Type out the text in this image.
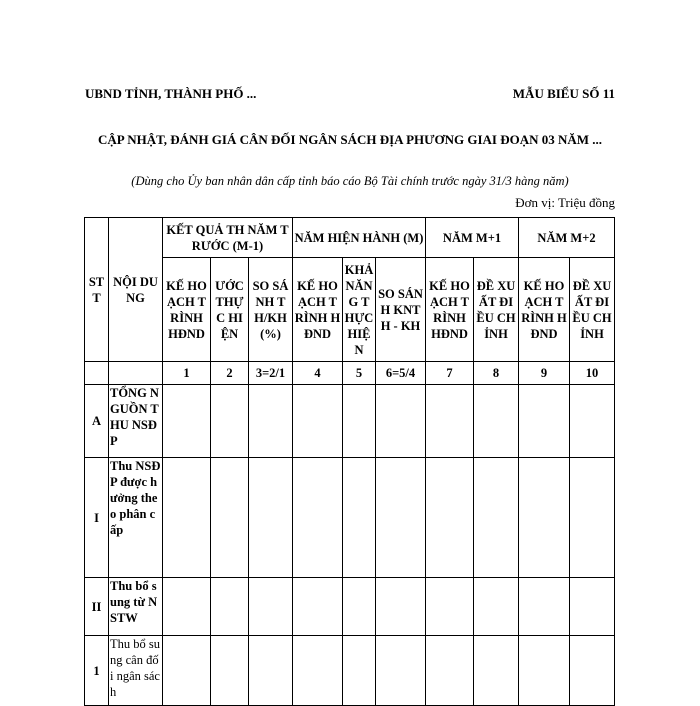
UBND TỈNH, THÀNH PHỐ ...	MẪU BIỂU SỐ 11
CẬP NHẬT, ĐÁNH GIÁ CÂN ĐỐI NGÂN SÁCH ĐỊA PHƯƠNG GIAI ĐOẠN 03 NĂM ...
(Dùng cho Ủy ban nhân dân cấp tỉnh báo cáo Bộ Tài chính trước ngày 31/3 hàng năm)
Đơn vị: Triệu đồng
STT	NỘI DUNG	KẾT QUẢ TH NĂM TRƯỚC (M-1)			NĂM HIỆN HÀNH (M)			NĂM M+1		NĂM M+2	
		KẾ HOẠCH TRÌNH HĐND	ƯỚC THỰC HIỆN	SO SÁNH TH/KH (%)	KẾ HOẠCH TRÌNH HĐND	KHẢ NĂNG THỰC HIỆN	SO SÁNH KNTH - KH	KẾ HOẠCH TRÌNH HĐND	ĐỀ XUẤT ĐIỀU CHỈNH	KẾ HOẠCH TRÌNH HĐND	ĐỀ XUẤT ĐIỀU CHỈNH
		1	2	3=2/1	4	5	6=5/4	7	8	9	10
A	TỔNG NGUỒN THU NSĐP										
I	Thu NSĐP được hưởng theo phân cấp										
II	Thu bổ sung từ NSTW										
1	Thu bổ sung cân đối ngân sách										
